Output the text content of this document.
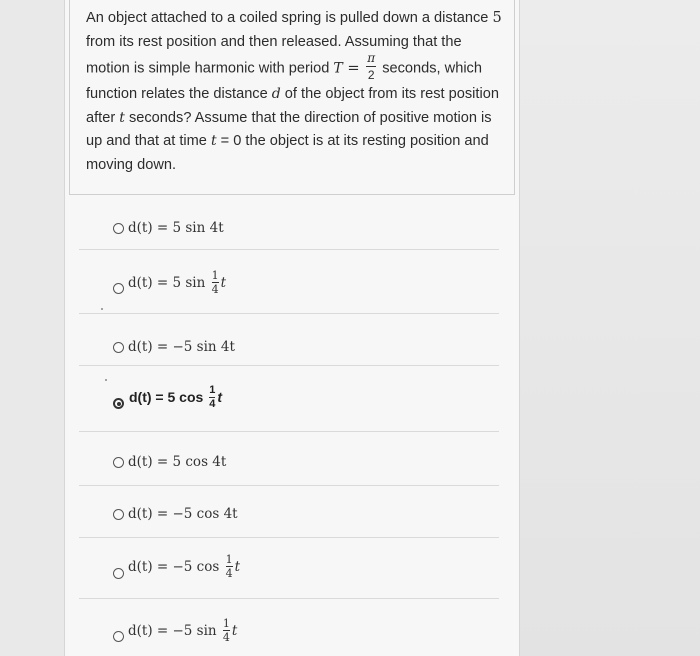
An object attached to a coiled spring is pulled down a distance 5 from its rest position and then released. Assuming that the motion is simple harmonic with period $T = \frac{\pi}{2}$ seconds, which function relates the distance d of the object from its rest position after t seconds? Assume that the direction of positive motion is up and that at time t = 0 the object is at its resting position and moving down.
d(t) = 5 sin 4t
d(t) = 5 $\sin \frac{1}{4}$ t
d(t) = −5 sin 4t
d(t) = 5 $\cos \frac{1}{4}$ t
d(t) = 5 cos 4t
d(t) = −5 cos 4t
d(t) = −5 $\cos \frac{1}{4}$ t
d(t) = −5 $\sin \frac{1}{4}$ t
